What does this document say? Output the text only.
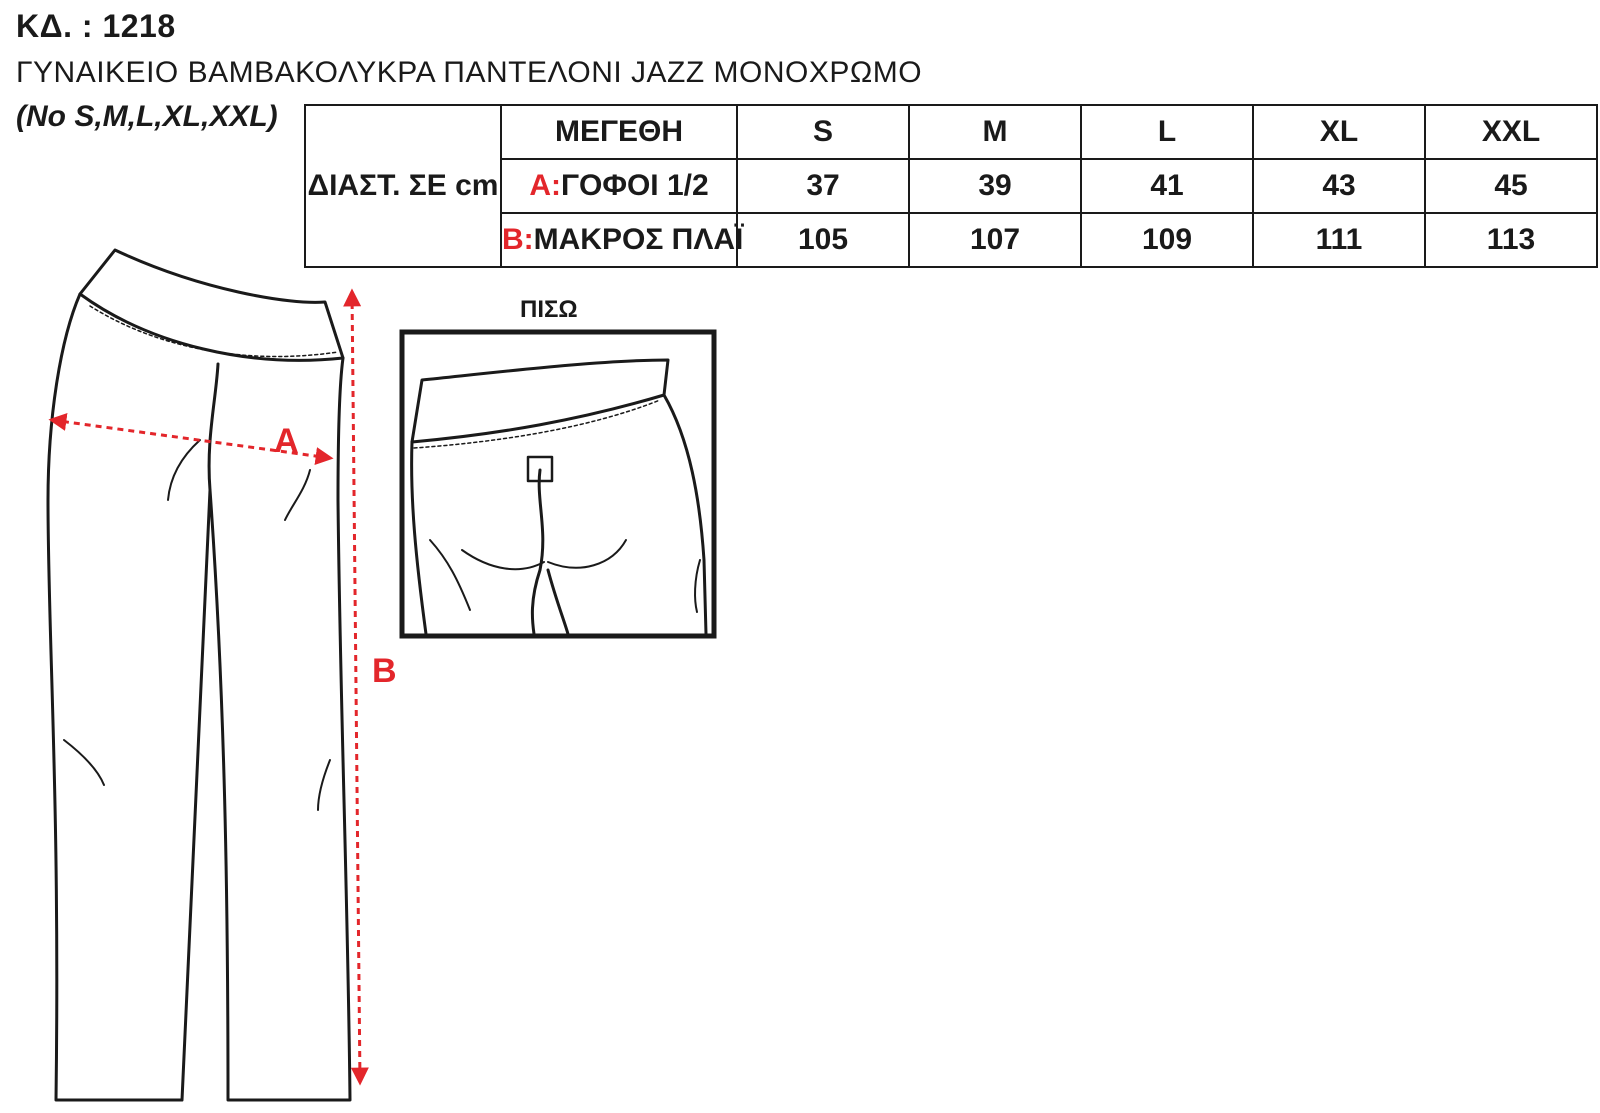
ΚΔ. : 1218
ΓΥΝΑΙΚΕΙΟ ΒΑΜΒΑΚΟΛΥΚΡΑ ΠΑΝΤΕΛΟΝΙ JAZZ ΜΟΝΟΧΡΩΜΟ
(No S,M,L,XL,XXL)
ΔΙΑΣΤ. ΣΕ cm	ΜΕΓΕΘΗ	S	M	L	XL	XXL
	A:ΓΟΦΟΙ 1/2	37	39	41	43	45
	B:ΜΑΚΡΟΣ ΠΛΑΪ	105	107	109	111	113
ΠΙΣΩ
A
B
